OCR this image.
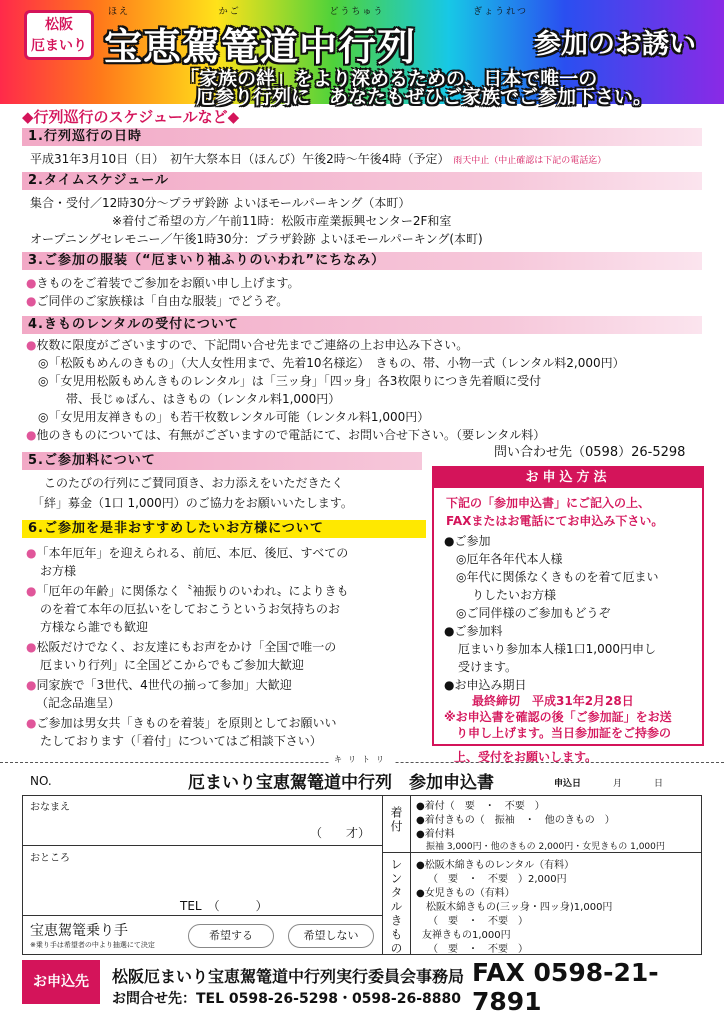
松阪
厄まいり
ほえ	かご	どうちゅう	ぎょうれつ
宝恵駕篭道中行列	参加のお誘い
「家族の絆」をより深めるための、日本で唯一の
厄参り行列に　あなたもぜひご家族でご参加下さい。
◆行列巡行のスケジュールなど◆
1.行列巡行の日時
平成31年3月10日（日）　初午大祭本日（ほんび）午後2時～午後4時（予定） 雨天中止（中止確認は下記の電話迄）
2.タイムスケジュール
集合・受付／12時30分～プラザ鈴跡 よいほモールパーキング（本町）
※着付ご希望の方／午前11時：松阪市産業振興センター2F和室
オープニングセレモニー／午後1時30分：プラザ鈴跡 よいほモールパーキング(本町)
3.ご参加の服装（“厄まいり袖ふりのいわれ”にちなみ）
●きものをご着装でご参加をお願い申し上げます。
●ご同伴のご家族様は「自由な服装」でどうぞ。
4.きものレンタルの受付について
●枚数に限度がございますので、下記問い合せ先までご連絡の上お申込み下さい。
◎「松阪もめんのきもの」（大人女性用まで、先着10名様迄）　きもの、帯、小物一式（レンタル料2,000円）
◎「女児用松阪もめんきものレンタル」は「三ッ身」「四ッ身」各3枚限りにつき先着順に受付
帯、長じゅばん、はきもの（レンタル料1,000円）
◎「女児用友禅きもの」も若干枚数レンタル可能（レンタル料1,000円）
●他のきものについては、有無がございますので電話にて、お問い合せ下さい。（要レンタル料）
問い合わせ先（0598）26-5298
5.ご参加料について
このたびの行列にご賛同頂き、お力添えをいただきたく
「絆」募金（1口 1,000円）のご協力をお願いいたします。
6.ご参加を是非おすすめしたいお方様について
●「本年厄年」を迎えられる、前厄、本厄、後厄、すべての
お方様
●「厄年の年齢」に関係なく〝袖振りのいわれ〟によりきも
のを着て本年の厄払いをしておこうというお気持ちのお
方様なら誰でも歓迎
●松阪だけでなく、お友達にもお声をかけ「全国で唯一の
厄まいり行列」に全国どこからでもご参加大歓迎
●同家族で「3世代、4世代の揃って参加」大歓迎
（記念品進呈）
●ご参加は男女共「きものを着装」を原則としてお願いい
たしております（「着付」についてはご相談下さい）
お申込方法
下記の「参加申込書」にご記入の上、
FAXまたはお電話にてお申込み下さい。
●ご参加
◎厄年各年代本人様
◎年代に関係なくきものを着て厄まい
りしたいお方様
◎ご同伴様のご参加もどうぞ
●ご参加料
厄まいり参加本人様1口1,000円申し
受けます。
●お申込み期日
最終締切　平成31年2月28日
※お申込書を確認の後「ご参加証」をお送
り申し上げます。当日参加証をご持参の
上、受付をお願いします。
キリトリ
NO.	厄まいり宝恵駕篭道中行列　参加申込書	申込日	月	日
おなまえ
（　　才）
おところ
TEL　（　　　）
宝恵駕篭乗り手
※乗り手は希望者の中より抽選にて決定
希望する	希望しない
着付
レンタルきもの
●着付（　要　・　不要　）
●着付きもの（　振袖　・　他のきもの　）
●着付料
振袖 3,000円・他のきもの 2,000円・女児きもの 1,000円
●松阪木綿きものレンタル（有料）
（　要　・　不要　）2,000円
●女児きもの（有料）
松阪木綿きもの(三ッ身・四ッ身)1,000円
（　要　・　不要　）
友禅きもの1,000円
（　要　・　不要　）
お申込先	松阪厄まいり宝恵駕篭道中行列実行委員会事務局 FAX 0598-21-7891
お問合せ先：TEL 0598-26-5298・0598-26-8880
